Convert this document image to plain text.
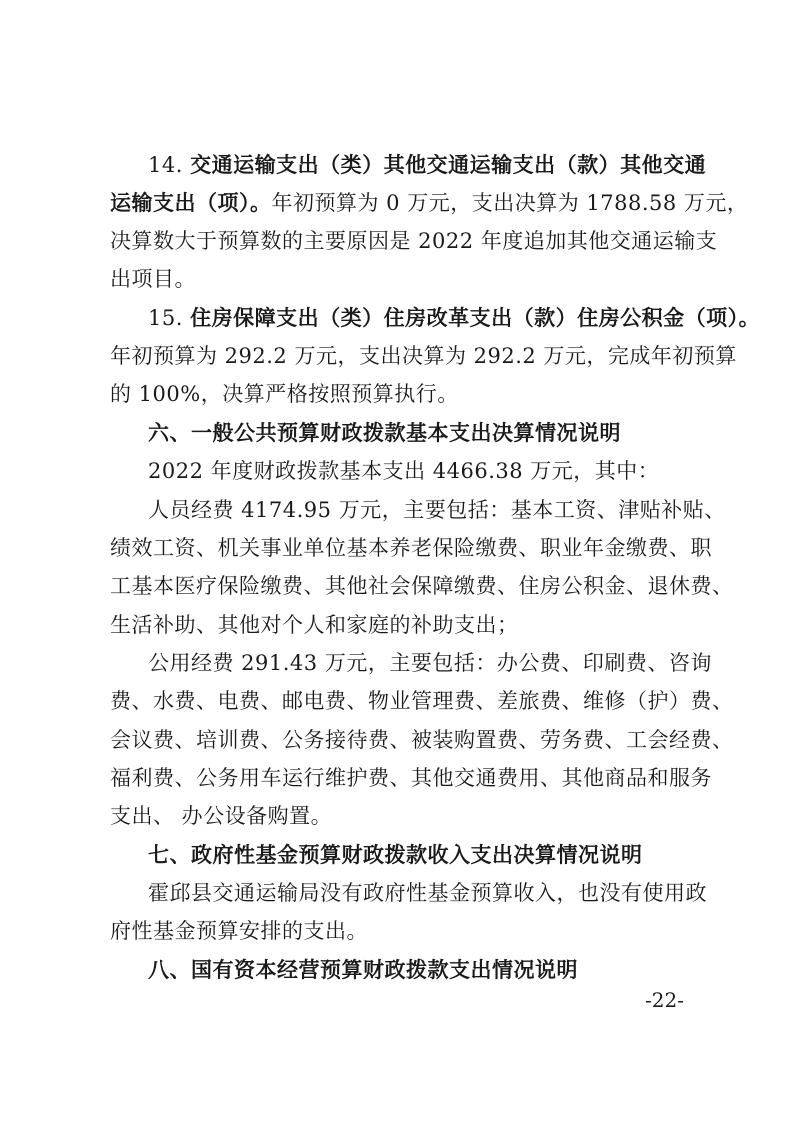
14. 交通运输支出（类）其他交通运输支出（款）其他交通
运输支出（项）。年初预算为 0 万元，支出决算为 1788.58 万元，
决算数大于预算数的主要原因是 2022 年度追加其他交通运输支
出项目。
15. 住房保障支出（类）住房改革支出（款）住房公积金（项）。
年初预算为 292.2 万元，支出决算为 292.2 万元，完成年初预算
的 100%，决算严格按照预算执行。
六、一般公共预算财政拨款基本支出决算情况说明
2022 年度财政拨款基本支出 4466.38 万元，其中：
人员经费 4174.95 万元，主要包括：基本工资、津贴补贴、
绩效工资、机关事业单位基本养老保险缴费、职业年金缴费、职
工基本医疗保险缴费、其他社会保障缴费、住房公积金、退休费、
生活补助、其他对个人和家庭的补助支出；
公用经费 291.43 万元，主要包括：办公费、印刷费、咨询
费、水费、电费、邮电费、物业管理费、差旅费、维修（护）费、
会议费、培训费、公务接待费、被装购置费、劳务费、工会经费、
福利费、公务用车运行维护费、其他交通费用、其他商品和服务
支出、 办公设备购置。
七、政府性基金预算财政拨款收入支出决算情况说明
霍邱县交通运输局没有政府性基金预算收入，也没有使用政
府性基金预算安排的支出。
八、国有资本经营预算财政拨款支出情况说明
-22-
